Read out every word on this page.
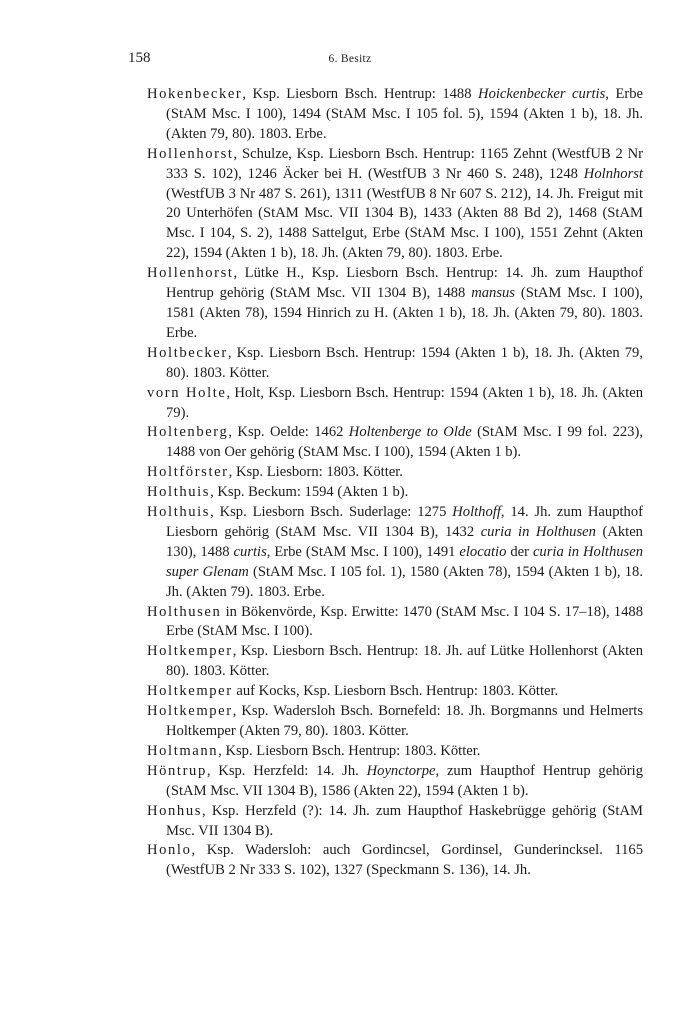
158	6. Besitz

Hokenbecker, Ksp. Liesborn Bsch. Hentrup: 1488 Hoickenbecker curtis, Erbe (StAM Msc. I 100), 1494 (StAM Msc. I 105 fol. 5), 1594 (Akten 1 b), 18. Jh. (Akten 79, 80). 1803. Erbe.

Hollenhorst, Schulze, Ksp. Liesborn Bsch. Hentrup: 1165 Zehnt (WestfUB 2 Nr 333 S. 102), 1246 Äcker bei H. (WestfUB 3 Nr 460 S. 248), 1248 Holnhorst (WestfUB 3 Nr 487 S. 261), 1311 (WestfUB 8 Nr 607 S. 212), 14. Jh. Freigut mit 20 Unterhöfen (StAM Msc. VII 1304 B), 1433 (Akten 88 Bd 2), 1468 (StAM Msc. I 104, S. 2), 1488 Sattelgut, Erbe (StAM Msc. I 100), 1551 Zehnt (Akten 22), 1594 (Akten 1 b), 18. Jh. (Akten 79, 80). 1803. Erbe.

Hollenhorst, Lütke H., Ksp. Liesborn Bsch. Hentrup: 14. Jh. zum Haupthof Hentrup gehörig (StAM Msc. VII 1304 B), 1488 mansus (StAM Msc. I 100), 1581 (Akten 78), 1594 Hinrich zu H. (Akten 1 b), 18. Jh. (Akten 79, 80). 1803. Erbe.

Holtbecker, Ksp. Liesborn Bsch. Hentrup: 1594 (Akten 1 b), 18. Jh. (Akten 79, 80). 1803. Kötter.

vorn Holte, Holt, Ksp. Liesborn Bsch. Hentrup: 1594 (Akten 1 b), 18. Jh. (Akten 79).

Holtenberg, Ksp. Oelde: 1462 Holtenberge to Olde (StAM Msc. I 99 fol. 223), 1488 von Oer gehörig (StAM Msc. I 100), 1594 (Akten 1 b).

Holtförster, Ksp. Liesborn: 1803. Kötter.

Holthuis, Ksp. Beckum: 1594 (Akten 1 b).

Holthuis, Ksp. Liesborn Bsch. Suderlage: 1275 Holthoff, 14. Jh. zum Haupthof Liesborn gehörig (StAM Msc. VII 1304 B), 1432 curia in Holthusen (Akten 130), 1488 curtis, Erbe (StAM Msc. I 100), 1491 elocatio der curia in Holthusen super Glenam (StAM Msc. I 105 fol. 1), 1580 (Akten 78), 1594 (Akten 1 b), 18. Jh. (Akten 79). 1803. Erbe.

Holthusen in Bökenvörde, Ksp. Erwitte: 1470 (StAM Msc. I 104 S. 17–18), 1488 Erbe (StAM Msc. I 100).

Holtkemper, Ksp. Liesborn Bsch. Hentrup: 18. Jh. auf Lütke Hollenhorst (Akten 80). 1803. Kötter.

Holtkemper auf Kocks, Ksp. Liesborn Bsch. Hentrup: 1803. Kötter.

Holtkemper, Ksp. Wadersloh Bsch. Bornefeld: 18. Jh. Borgmanns und Helmerts Holtkemper (Akten 79, 80). 1803. Kötter.

Holtmann, Ksp. Liesborn Bsch. Hentrup: 1803. Kötter.

Höntrup, Ksp. Herzfeld: 14. Jh. Hoynctorpe, zum Haupthof Hentrup gehörig (StAM Msc. VII 1304 B), 1586 (Akten 22), 1594 (Akten 1 b).

Honhus, Ksp. Herzfeld (?): 14. Jh. zum Haupthof Haskebrügge gehörig (StAM Msc. VII 1304 B).

Honlo, Ksp. Wadersloh: auch Gordincsel, Gordinsel, Gunderincksel. 1165 (WestfUB 2 Nr 333 S. 102), 1327 (Speckmann S. 136), 14. Jh.
